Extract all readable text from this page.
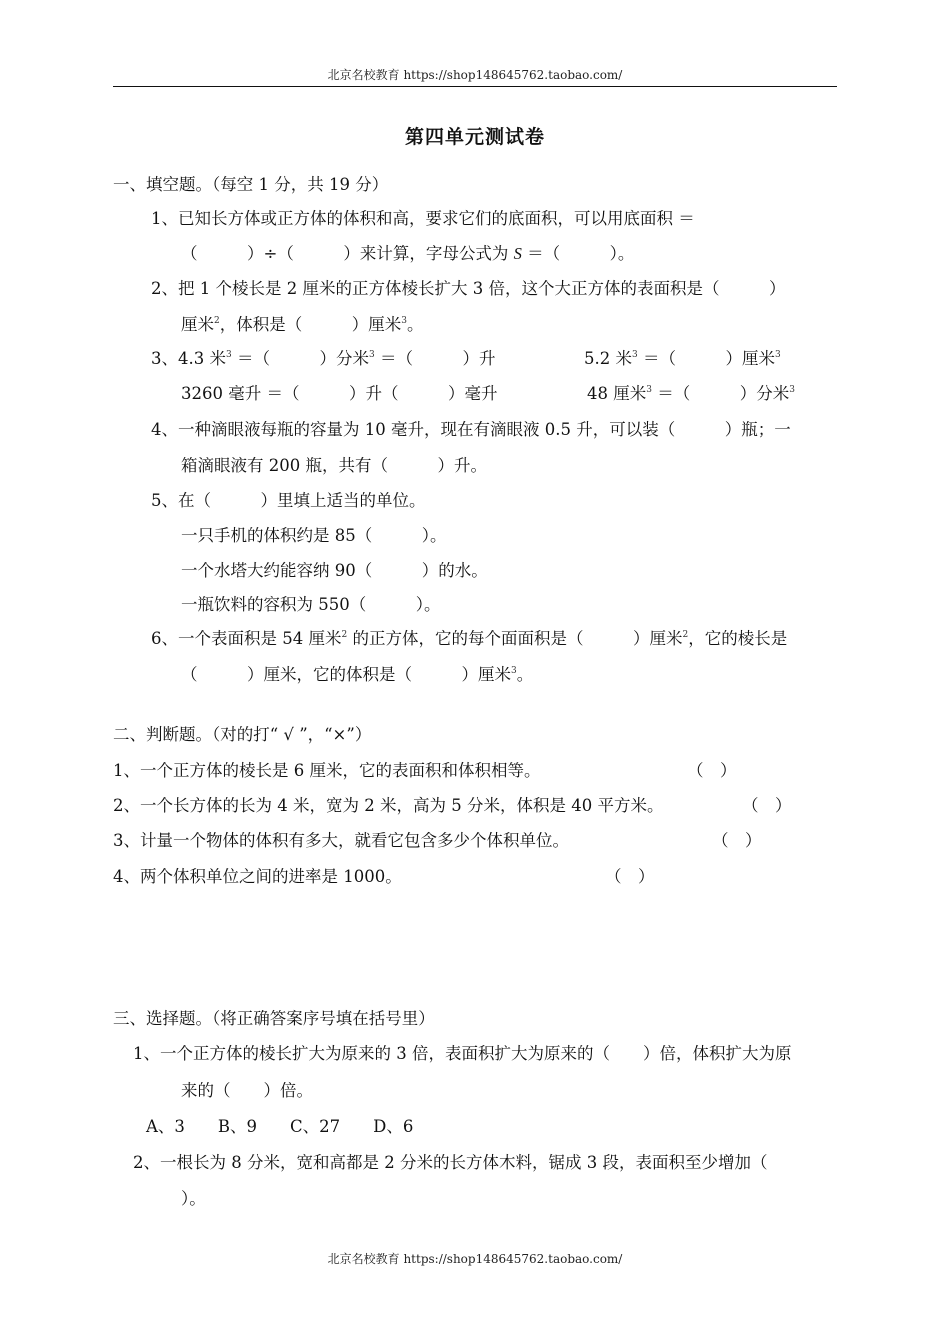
北京名校教育 https://shop148645762.taobao.com/
第四单元测试卷
一、填空题。（每空 1 分，共 19 分）
1、已知长方体或正方体的体积和高，要求它们的底面积，可以用底面积 ＝
（　　　）÷（　　　）来计算，字母公式为 S ＝（　　　）。
2、把 1 个棱长是 2 厘米的正方体棱长扩大 3 倍，这个大正方体的表面积是（　　　）
厘米$^2$，体积是（　　　）厘米$^3$。
3、4.3 米$^3$ ＝（　　　）分米$^3$ ＝（　　　）升	5.2 米$^3$ ＝（　　　）厘米$^3$
3260 毫升 ＝（　　　）升（　　　）毫升	48 厘米$^3$ ＝（　　　）分米$^3$
4、一种滴眼液每瓶的容量为 10 毫升，现在有滴眼液 0.5 升，可以装（　　　）瓶；一
箱滴眼液有 200 瓶，共有（　　　）升。
5、在（　　　）里填上适当的单位。
一只手机的体积约是 85（　　　）。
一个水塔大约能容纳 90（　　　）的水。
一瓶饮料的容积为 550（　　　）。
6、一个表面积是 54 厘米$^2$ 的正方体，它的每个面面积是（　　　）厘米$^2$，它的棱长是
（　　　）厘米，它的体积是（　　　）厘米$^3$。
二、判断题。（对的打“ √ ”，“×”）
1、一个正方体的棱长是 6 厘米，它的表面积和体积相等。	（　）
2、一个长方体的长为 4 米，宽为 2 米，高为 5 分米，体积是 40 平方米。	（　）
3、计量一个物体的体积有多大，就看它包含多少个体积单位。	（　）
4、两个体积单位之间的进率是 1000。	（　）
三、选择题。（将正确答案序号填在括号里）
1、一个正方体的棱长扩大为原来的 3 倍，表面积扩大为原来的（　　）倍，体积扩大为原
来的（　　）倍。
A、3　　B、9　　C、27　　D、6
2、一根长为 8 分米，宽和高都是 2 分米的长方体木料，锯成 3 段，表面积至少增加（
）。
北京名校教育 https://shop148645762.taobao.com/
